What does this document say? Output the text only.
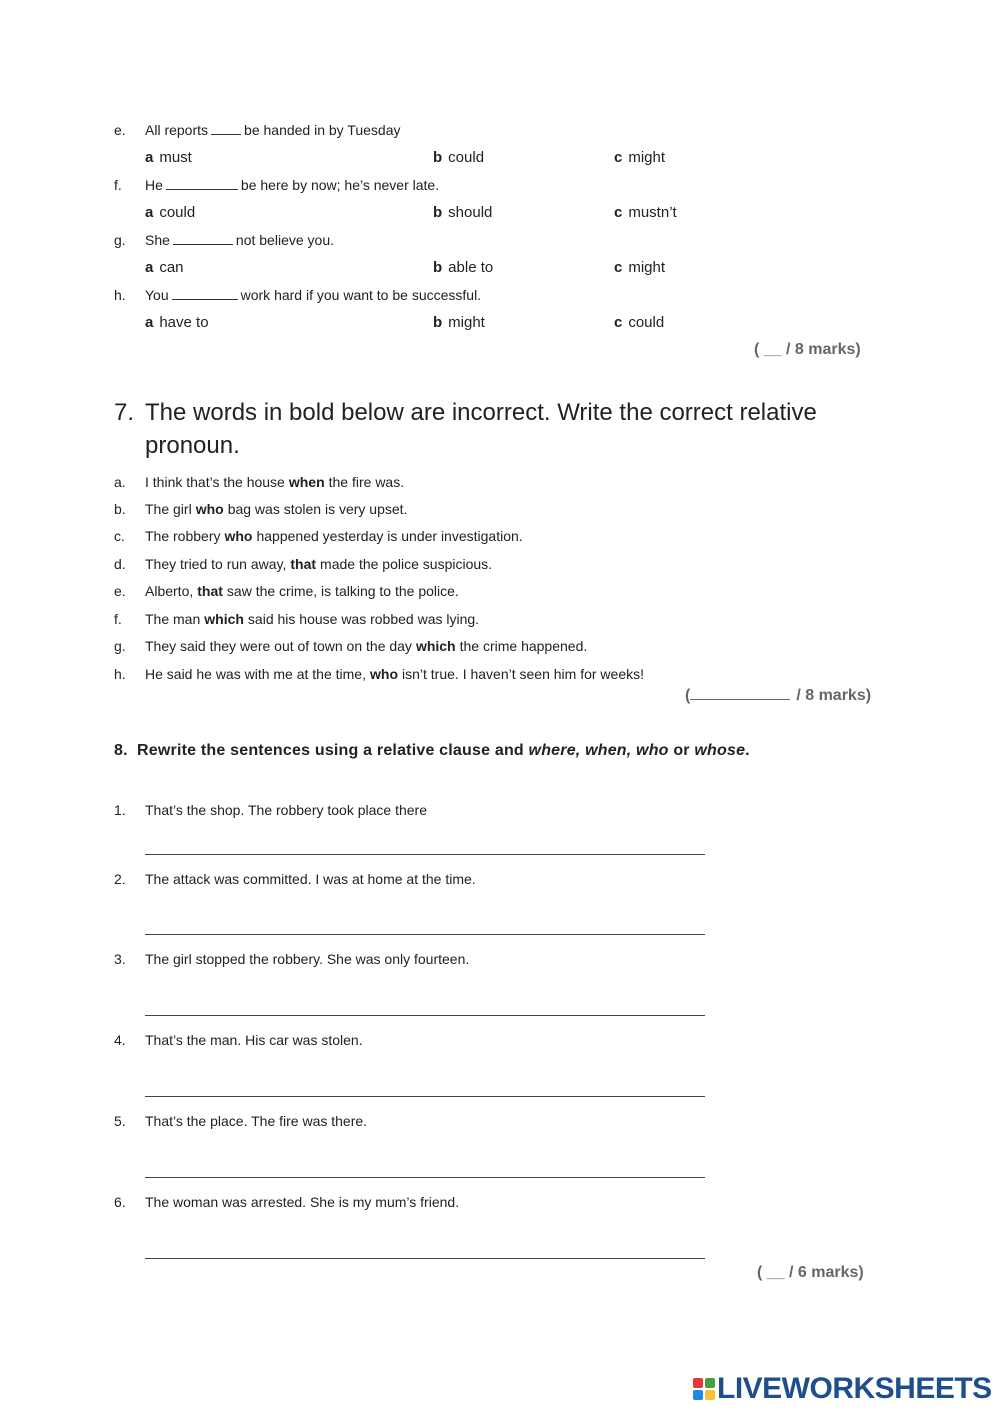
e. All reports	be handed in by Tuesday
a must	b could	c might
f. He	be here by now; he’s never late.
a could	b should	c mustn’t
g. She	not believe you.
a can	b able to	c might
h. You	work hard if you want to be successful.
a have to	b might	c could
( __ / 8 marks)
7. The words in bold below are incorrect. Write the correct relative pronoun.
a. I think that’s the house when the fire was.
b. The girl who bag was stolen is very upset.
c. The robbery who happened yesterday is under investigation.
d. They tried to run away, that made the police suspicious.
e. Alberto, that saw the crime, is talking to the police.
f. The man which said his house was robbed was lying.
g. They said they were out of town on the day which the crime happened.
h. He said he was with me at the time, who isn’t true. I haven’t seen him for weeks!
(	/ 8 marks)
8. Rewrite the sentences using a relative clause and where, when, who or whose.
1. That’s the shop. The robbery took place there
2. The attack was committed. I was at home at the time.
3. The girl stopped the robbery. She was only fourteen.
4. That’s the man. His car was stolen.
5. That’s the place. The fire was there.
6. The woman was arrested. She is my mum’s friend.
( __ / 6 marks)
LIVEWORKSHEETS
